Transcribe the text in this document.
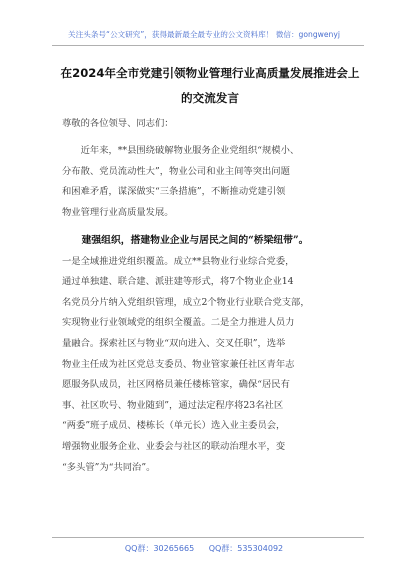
关注头条号“公文研究”，获得最新最全最专业的公文资料库！ 微信：gongwenyj
在2024年全市党建引领物业管理行业高质量发展推进会上
的交流发言
尊敬的各位领导、同志们：
　　近年来，**县围绕破解物业服务企业党组织“规模小、
分布散、党员流动性大”，物业公司和业主间等突出问题
和困难矛盾，谋深做实“三条措施”，不断推动党建引领
物业管理行业高质量发展。
　　建强组织，搭建物业企业与居民之间的“桥梁纽带”。
一是全域推进党组织覆盖。成立**县物业行业综合党委，
通过单独建、联合建、派驻建等形式，将7个物业企业14
名党员分片纳入党组织管理，成立2个物业行业联合党支部，
实现物业行业领域党的组织全覆盖。二是全力推进人员力
量融合。探索社区与物业“双向进入、交叉任职”，选举
物业主任成为社区党总支委员、物业管家兼任社区青年志
愿服务队成员，社区网格员兼任楼栋管家，确保“居民有
事、社区吹号、物业随到”，通过法定程序将23名社区
“两委”班子成员、楼栋长（单元长）选入业主委员会，
增强物业服务企业、业委会与社区的联动治理水平，变
“多头管”为“共同治”。
QQ群：30265665 QQ群：535304092
